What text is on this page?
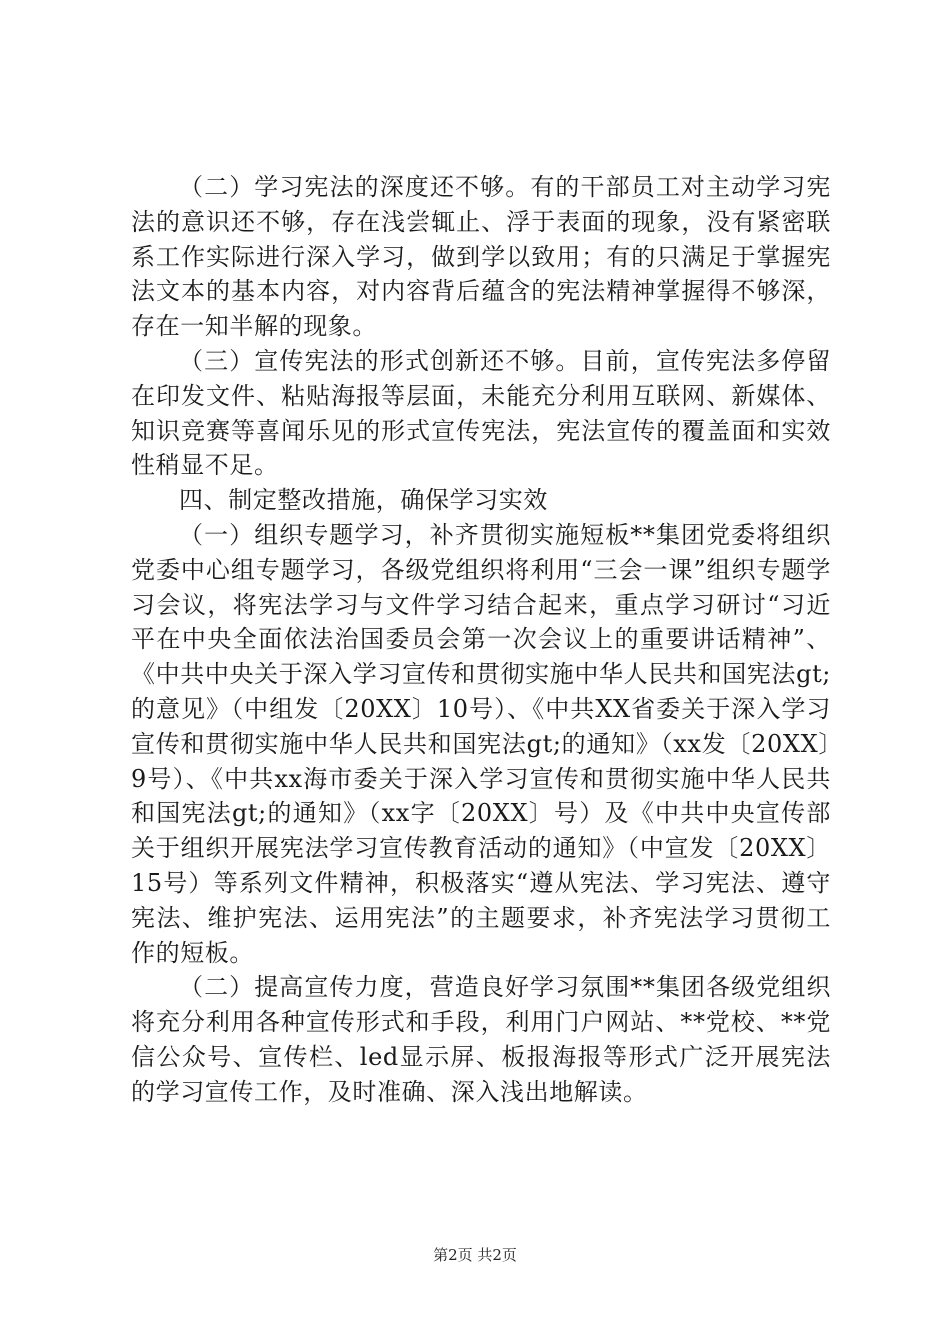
（二）学习宪法的深度还不够。有的干部员工对主动学习宪法的意识还不够，存在浅尝辄止、浮于表面的现象，没有紧密联系工作实际进行深入学习，做到学以致用；有的只满足于掌握宪法文本的基本内容，对内容背后蕴含的宪法精神掌握得不够深，存在一知半解的现象。

（三）宣传宪法的形式创新还不够。目前，宣传宪法多停留在印发文件、粘贴海报等层面，未能充分利用互联网、新媒体、知识竞赛等喜闻乐见的形式宣传宪法，宪法宣传的覆盖面和实效性稍显不足。

四、制定整改措施，确保学习实效

（一）组织专题学习，补齐贯彻实施短板**集团党委将组织党委中心组专题学习，各级党组织将利用“三会一课”组织专题学习会议，将宪法学习与文件学习结合起来，重点学习研讨“习近平在中央全面依法治国委员会第一次会议上的重要讲话精神”、《中共中央关于深入学习宣传和贯彻实施中华人民共和国宪法gt;的意见》（中组发〔20XX〕10号）、《中共XX省委关于深入学习宣传和贯彻实施中华人民共和国宪法gt;的通知》（xx发〔20XX〕9号）、《中共xx海市委关于深入学习宣传和贯彻实施中华人民共和国宪法gt;的通知》（xx字〔20XX〕号）及《中共中央宣传部关于组织开展宪法学习宣传教育活动的通知》（中宣发〔20XX〕15号）等系列文件精神，积极落实“遵从宪法、学习宪法、遵守宪法、维护宪法、运用宪法”的主题要求，补齐宪法学习贯彻工作的短板。

（二）提高宣传力度，营造良好学习氛围**集团各级党组织将充分利用各种宣传形式和手段，利用门户网站、**党校、**党信公众号、宣传栏、led显示屏、板报海报等形式广泛开展宪法的学习宣传工作，及时准确、深入浅出地解读。

第2页 共2页
